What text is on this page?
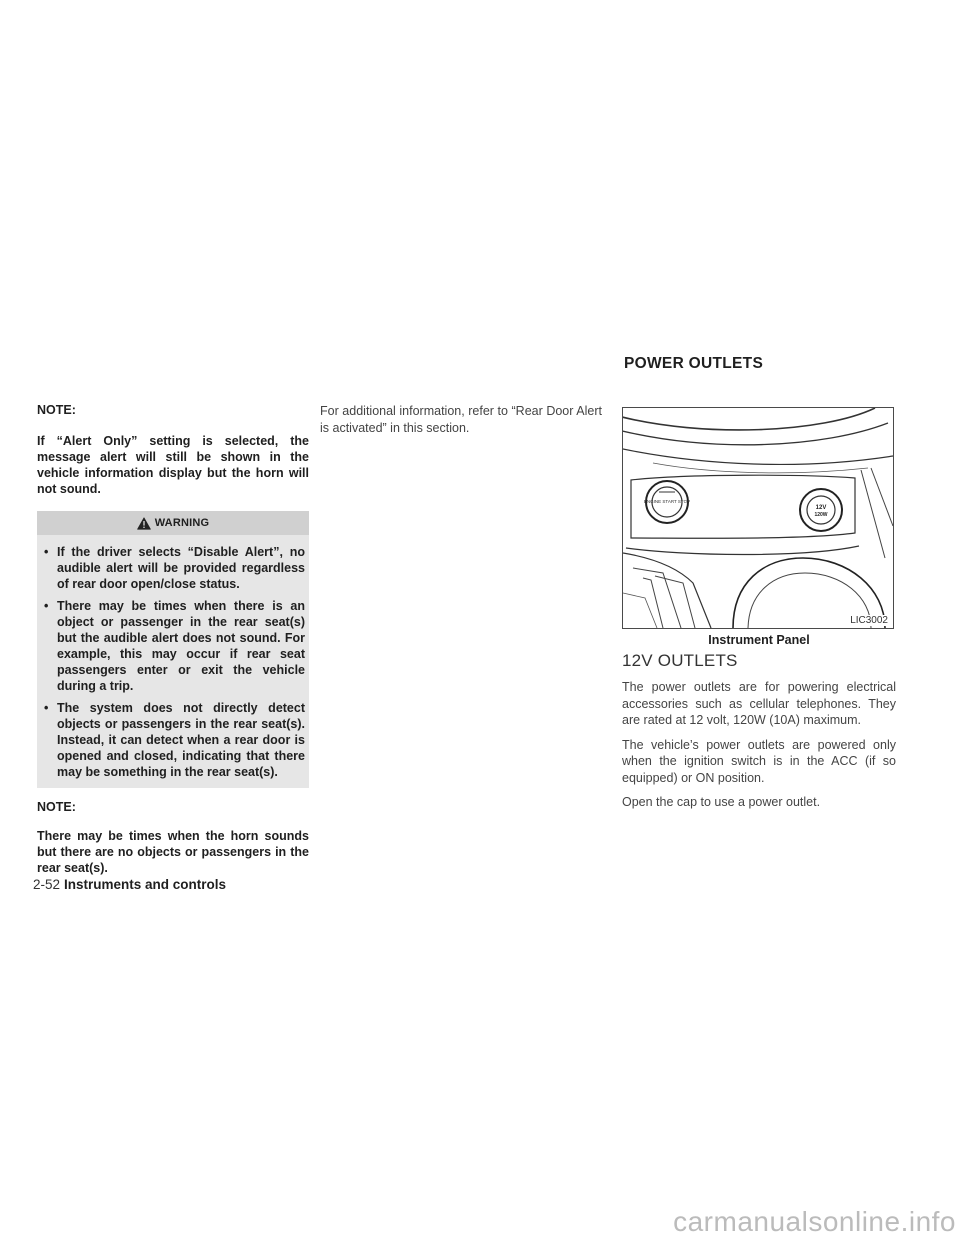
NOTE:

If “Alert Only” setting is selected, the message alert will still be shown in the vehicle information display but the horn will not sound.

WARNING
• If the driver selects “Disable Alert”, no audible alert will be provided regardless of rear door open/close status.
• There may be times when there is an object or passenger in the rear seat(s) but the audible alert does not sound. For example, this may occur if rear seat passengers enter or exit the vehicle during a trip.
• The system does not directly detect objects or passengers in the rear seat(s). Instead, it can detect when a rear door is opened and closed, indicating that there may be something in the rear seat(s).
NOTE:

There may be times when the horn sounds but there are no objects or passengers in the rear seat(s).

For additional information, refer to “Rear Door Alert is activated” in this section.

POWER OUTLETS
ENGINE START STOP
12V
120W
LIC3002
Instrument Panel
12V OUTLETS

The power outlets are for powering electrical accessories such as cellular telephones. They are rated at 12 volt, 120W (10A) maximum.

The vehicle’s power outlets are powered only when the ignition switch is in the ACC (if so equipped) or ON position.

Open the cap to use a power outlet.

2-52 Instruments and controls
carmanualsonline.info
